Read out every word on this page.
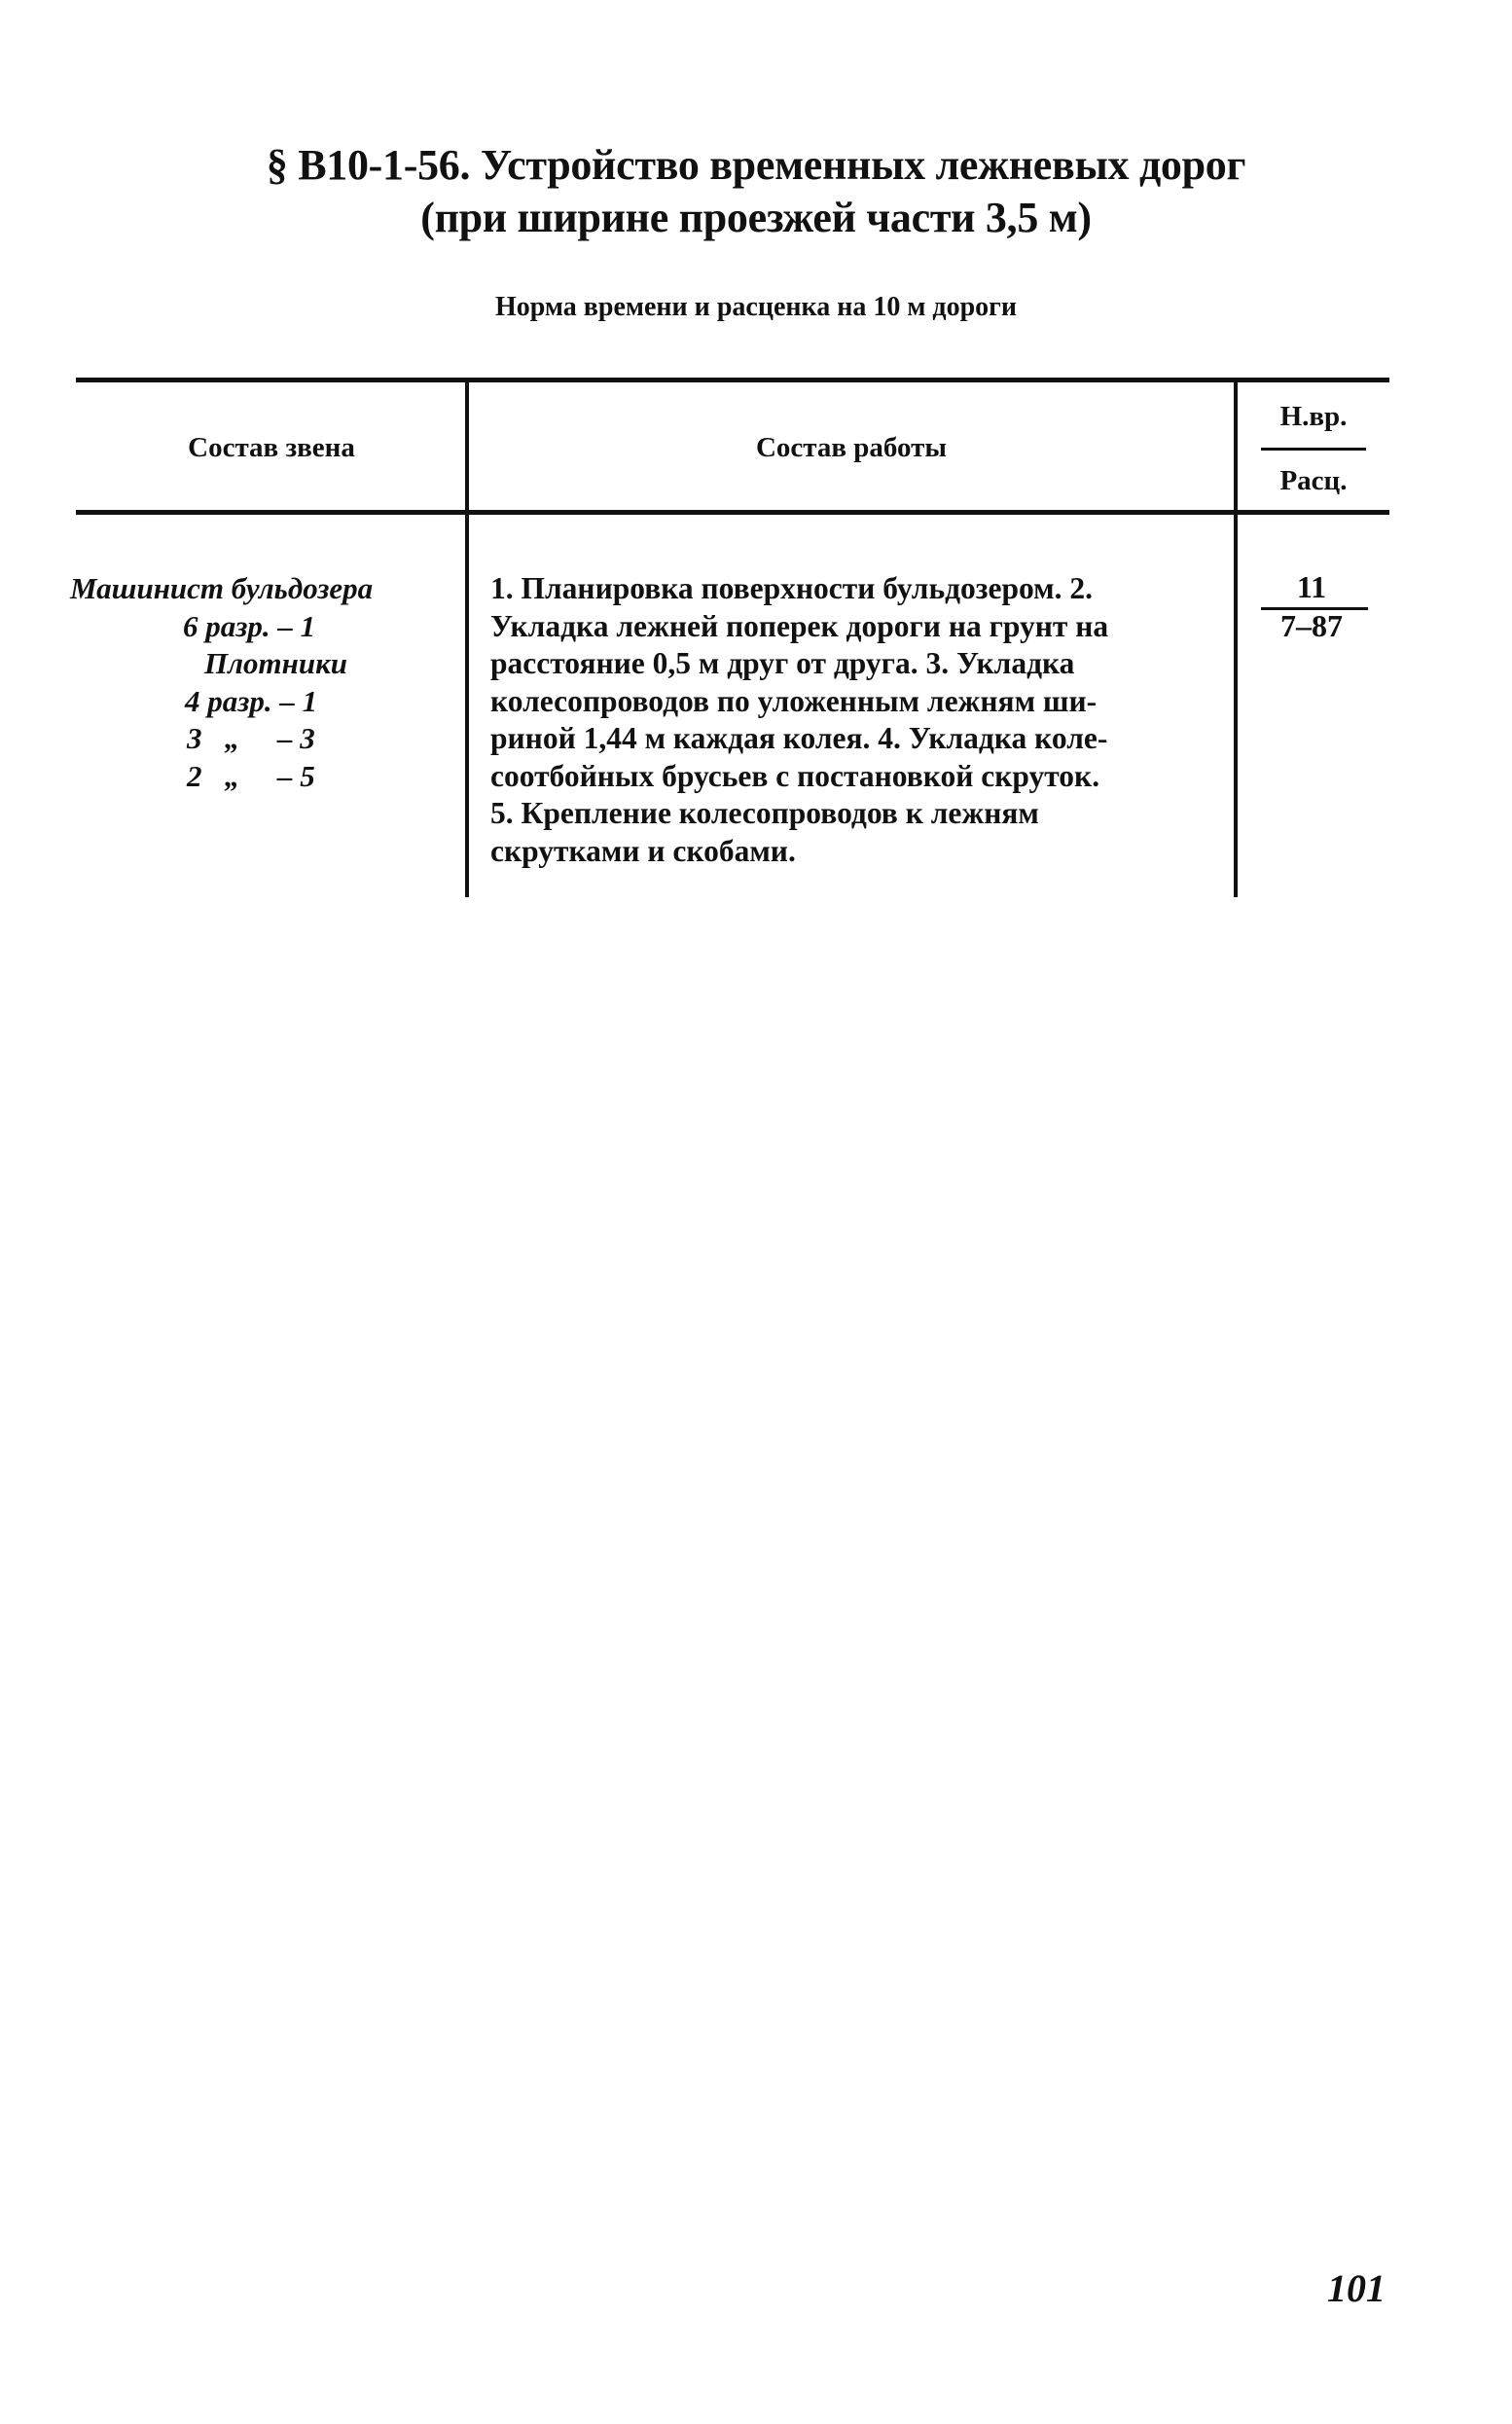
§ В10-1-56. Устройство временных лежневых дорог
(при ширине проезжей части 3,5 м)
Норма времени и расценка на 10 м дороги
Состав звена	Состав работы
Н.вр.
Расц.
Машинист бульдозера
6 разр. – 1
Плотники
4 разр. – 1
3   „     – 3
2   „     – 5
1. Планировка поверхности бульдозером. 2.
Укладка лежней поперек дороги на грунт на
расстояние 0,5 м друг от друга. 3. Укладка
колесопроводов по уложенным лежням ши-
риной 1,44 м каждая колея. 4. Укладка коле-
соотбойных брусьев с постановкой скруток.
5. Крепление колесопроводов к лежням
скрутками и скобами.
11
7–87
101
